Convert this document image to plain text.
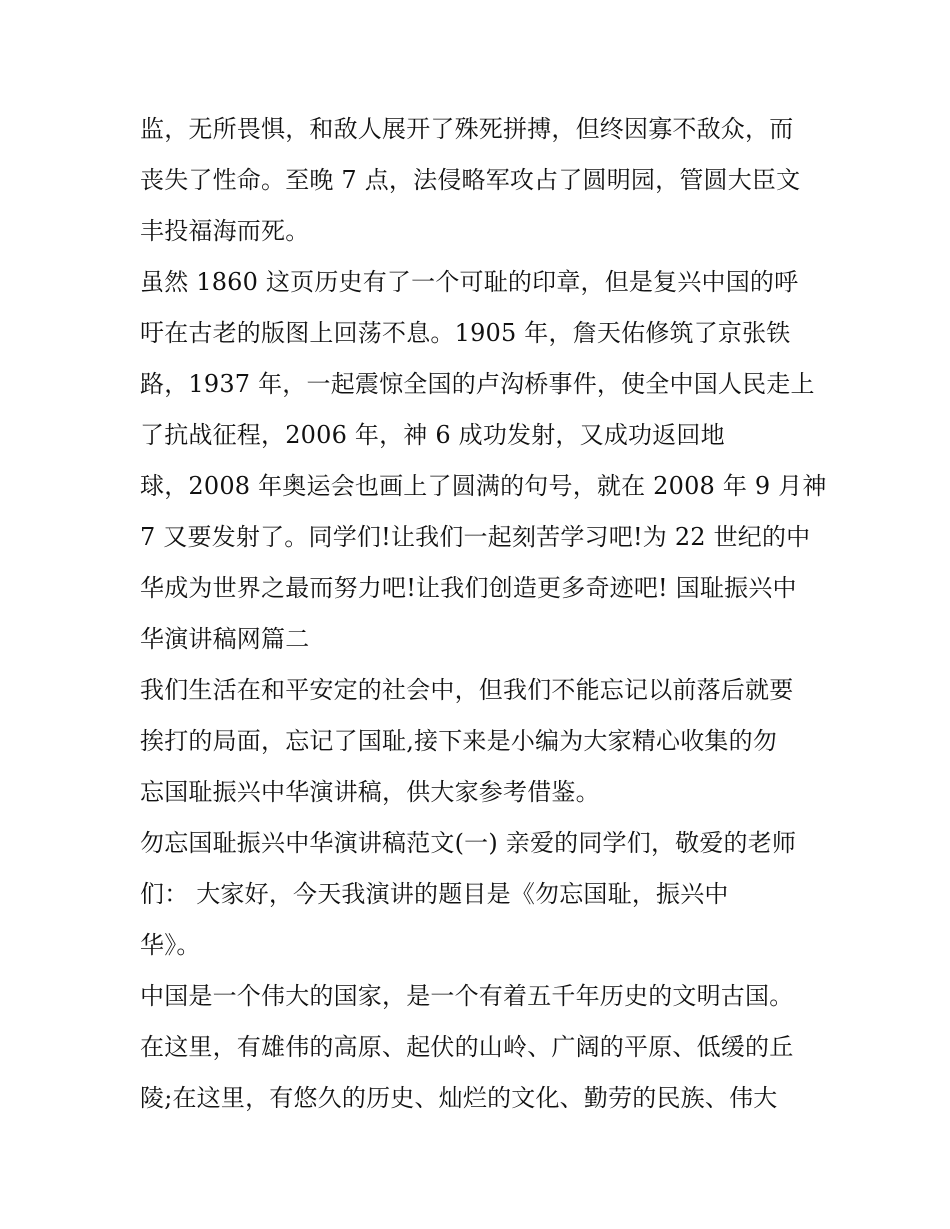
监，无所畏惧，和敌人展开了殊死拼搏，但终因寡不敌众，而
丧失了性命。至晚 7 点，法侵略军攻占了圆明园，管圆大臣文
丰投福海而死。
虽然 1860 这页历史有了一个可耻的印章，但是复兴中国的呼
吁在古老的版图上回荡不息。1905 年，詹天佑修筑了京张铁
路，1937 年，一起震惊全国的卢沟桥事件，使全中国人民走上
了抗战征程，2006 年，神 6 成功发射，又成功返回地
球，2008 年奥运会也画上了圆满的句号，就在 2008 年 9 月神
7 又要发射了。同学们!让我们一起刻苦学习吧!为 22 世纪的中
华成为世界之最而努力吧!让我们创造更多奇迹吧! 国耻振兴中
华演讲稿网篇二
我们生活在和平安定的社会中，但我们不能忘记以前落后就要
挨打的局面，忘记了国耻,接下来是小编为大家精心收集的勿
忘国耻振兴中华演讲稿，供大家参考借鉴。
勿忘国耻振兴中华演讲稿范文(一) 亲爱的同学们，敬爱的老师
们： 大家好，今天我演讲的题目是《勿忘国耻，振兴中
华》。
中国是一个伟大的国家，是一个有着五千年历史的文明古国。
在这里，有雄伟的高原、起伏的山岭、广阔的平原、低缓的丘
陵;在这里，有悠久的历史、灿烂的文化、勤劳的民族、伟大
